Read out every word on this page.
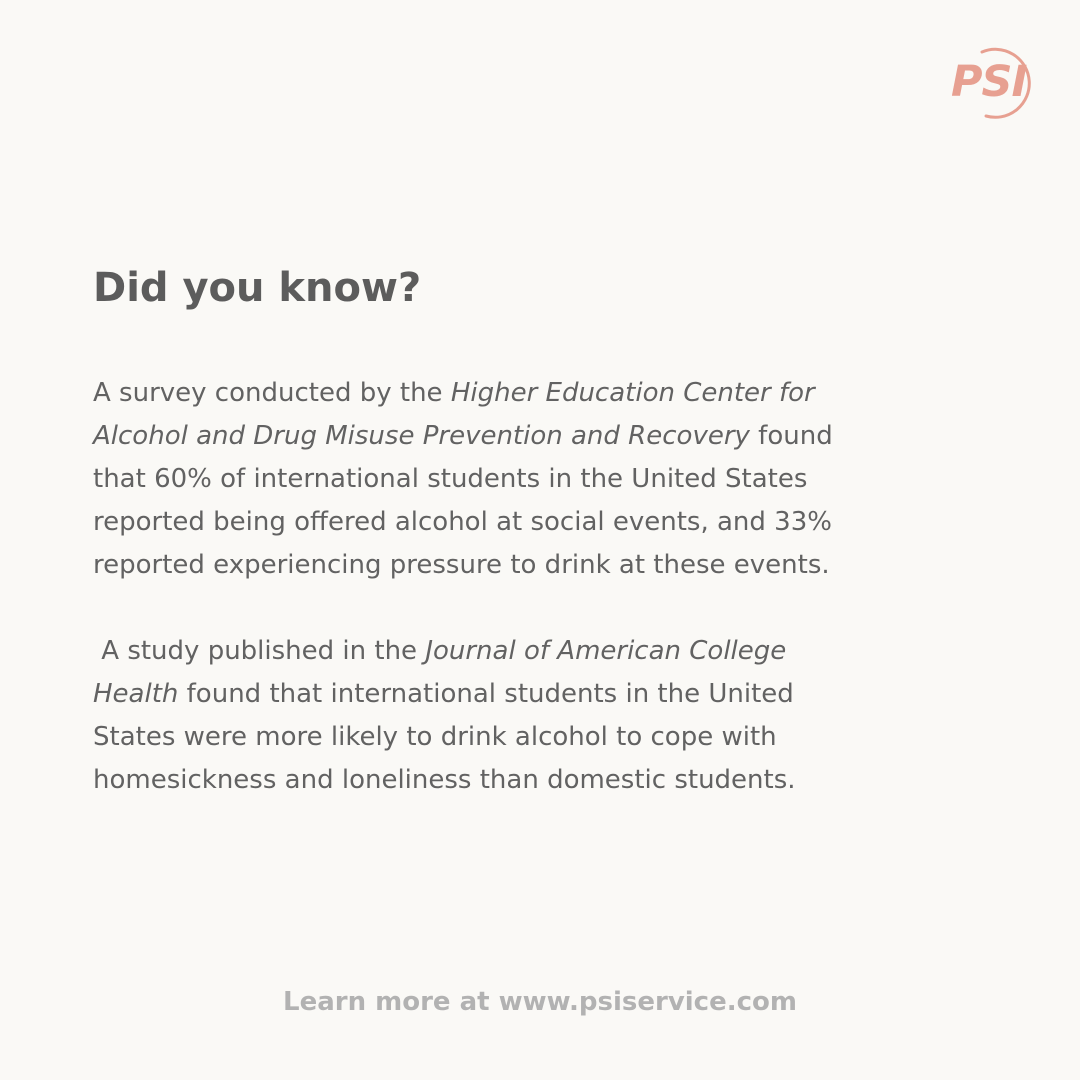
PSI
Did you know?

A survey conducted by the Higher Education Center for
Alcohol and Drug Misuse Prevention and Recovery found
that 60% of international students in the United States
reported being offered alcohol at social events, and 33%
reported experiencing pressure to drink at these events.

A study published in the Journal of American College
Health found that international students in the United
States were more likely to drink alcohol to cope with
homesickness and loneliness than domestic students.

Learn more at www.psiservice.com
